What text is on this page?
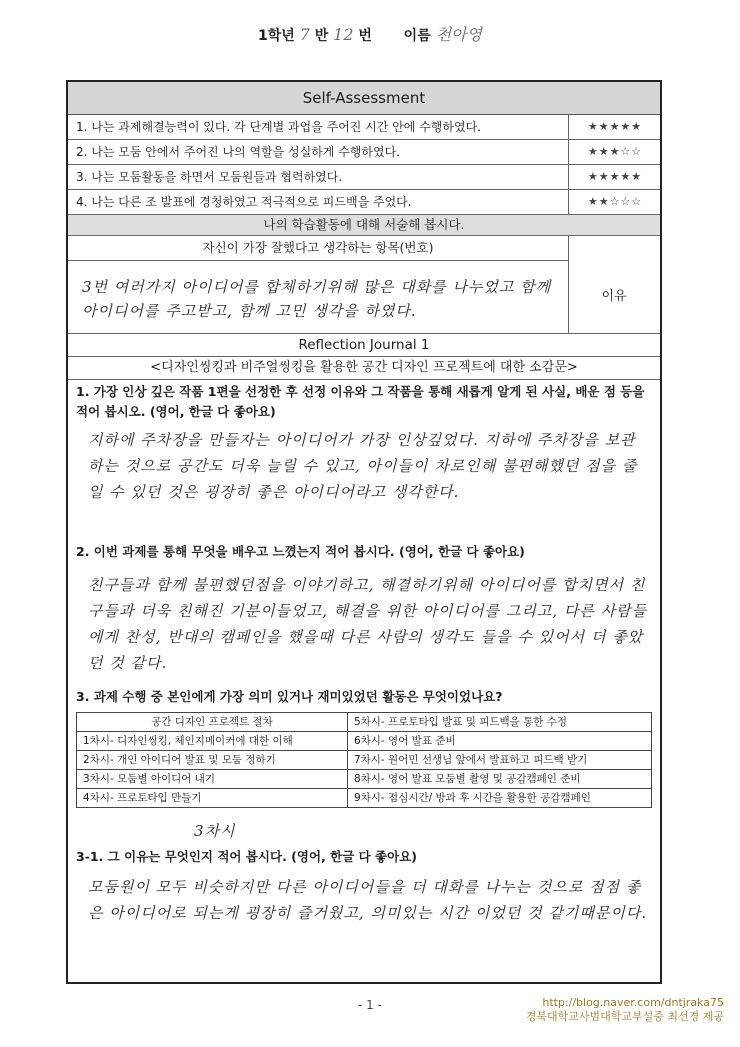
1학년 7 반 12 번 이름 천아영
Self-Assessment
1. 나는 과제해결능력이 있다. 각 단계별 과업을 주어진 시간 안에 수행하였다.	★★★★★
2. 나는 모둠 안에서 주어진 나의 역할을 성실하게 수행하였다.	★★★☆☆
3. 나는 모둠활동을 하면서 모둠원들과 협력하였다.	★★★★★
4. 나는 다른 조 발표에 경청하였고 적극적으로 피드백을 주었다.	★★☆☆☆
나의 학습활동에 대해 서술해 봅시다.
자신이 가장 잘했다고 생각하는 항목(번호)
3번 여러가지 아이디어를 합체하기위해 많은 대화를 나누었고 함께 아이디어를 주고받고, 함께 고민 생각을 하였다.
이유
Reflection Journal 1
<디자인씽킹과 비주얼씽킹을 활용한 공간 디자인 프로젝트에 대한 소감문>
1. 가장 인상 깊은 작품 1편을 선정한 후 선정 이유와 그 작품을 통해 새롭게 알게 된 사실, 배운 점 등을 적어 봅시오. (영어, 한글 다 좋아요)
지하에 주차장을 만들자는 아이디어가 가장 인상깊었다. 지하에 주차장을 보관하는 것으로 공간도 더욱 늘릴 수 있고, 아이들이 차로인해 불편해했던 점을 줄일 수 있던 것은 굉장히 좋은 아이디어라고 생각한다.
2. 이번 과제를 통해 무엇을 배우고 느꼈는지 적어 봅시다. (영어, 한글 다 좋아요)
친구들과 함께 불편했던점을 이야기하고, 해결하기위해 아이디어를 합치면서 친구들과 더욱 친해진 기분이들었고, 해결을 위한 아이디어를 그리고, 다른 사람들에게 찬성, 반대의 캠페인을 했을때 다른 사람의 생각도 들을 수 있어서 더 좋았던 것 같다.
3. 과제 수행 중 본인에게 가장 의미 있거나 재미있었던 활동은 무엇이었나요?
공간 디자인 프로젝트 절차	5차시- 프로토타입 발표 및 피드백을 통한 수정
1차시- 디자인씽킹, 체인지메이커에 대한 이해	6차시- 영어 발표 준비
2차시- 개인 아이디어 발표 및 모둠 정하기	7차시- 원어민 선생님 앞에서 발표하고 피드백 받기
3차시- 모둠별 아이디어 내기	8차시- 영어 발표 모둠별 촬영 및 공감캠페인 준비
4차시- 프로토타입 만들기	9차시- 점심시간/ 방과 후 시간을 활용한 공감캠페인
3차시
3-1. 그 이유는 무엇인지 적어 봅시다. (영어, 한글 다 좋아요)
모둠원이 모두 비슷하지만 다른 아이디어들을 더 대화를 나누는 것으로 점점 좋은 아이디어로 되는게 굉장히 즐거웠고, 의미있는 시간 이었던 것 같기때문이다.
- 1 -	http://blog.naver.com/dntjraka75
경북대학교사범대학교부설중 최선경 제공
